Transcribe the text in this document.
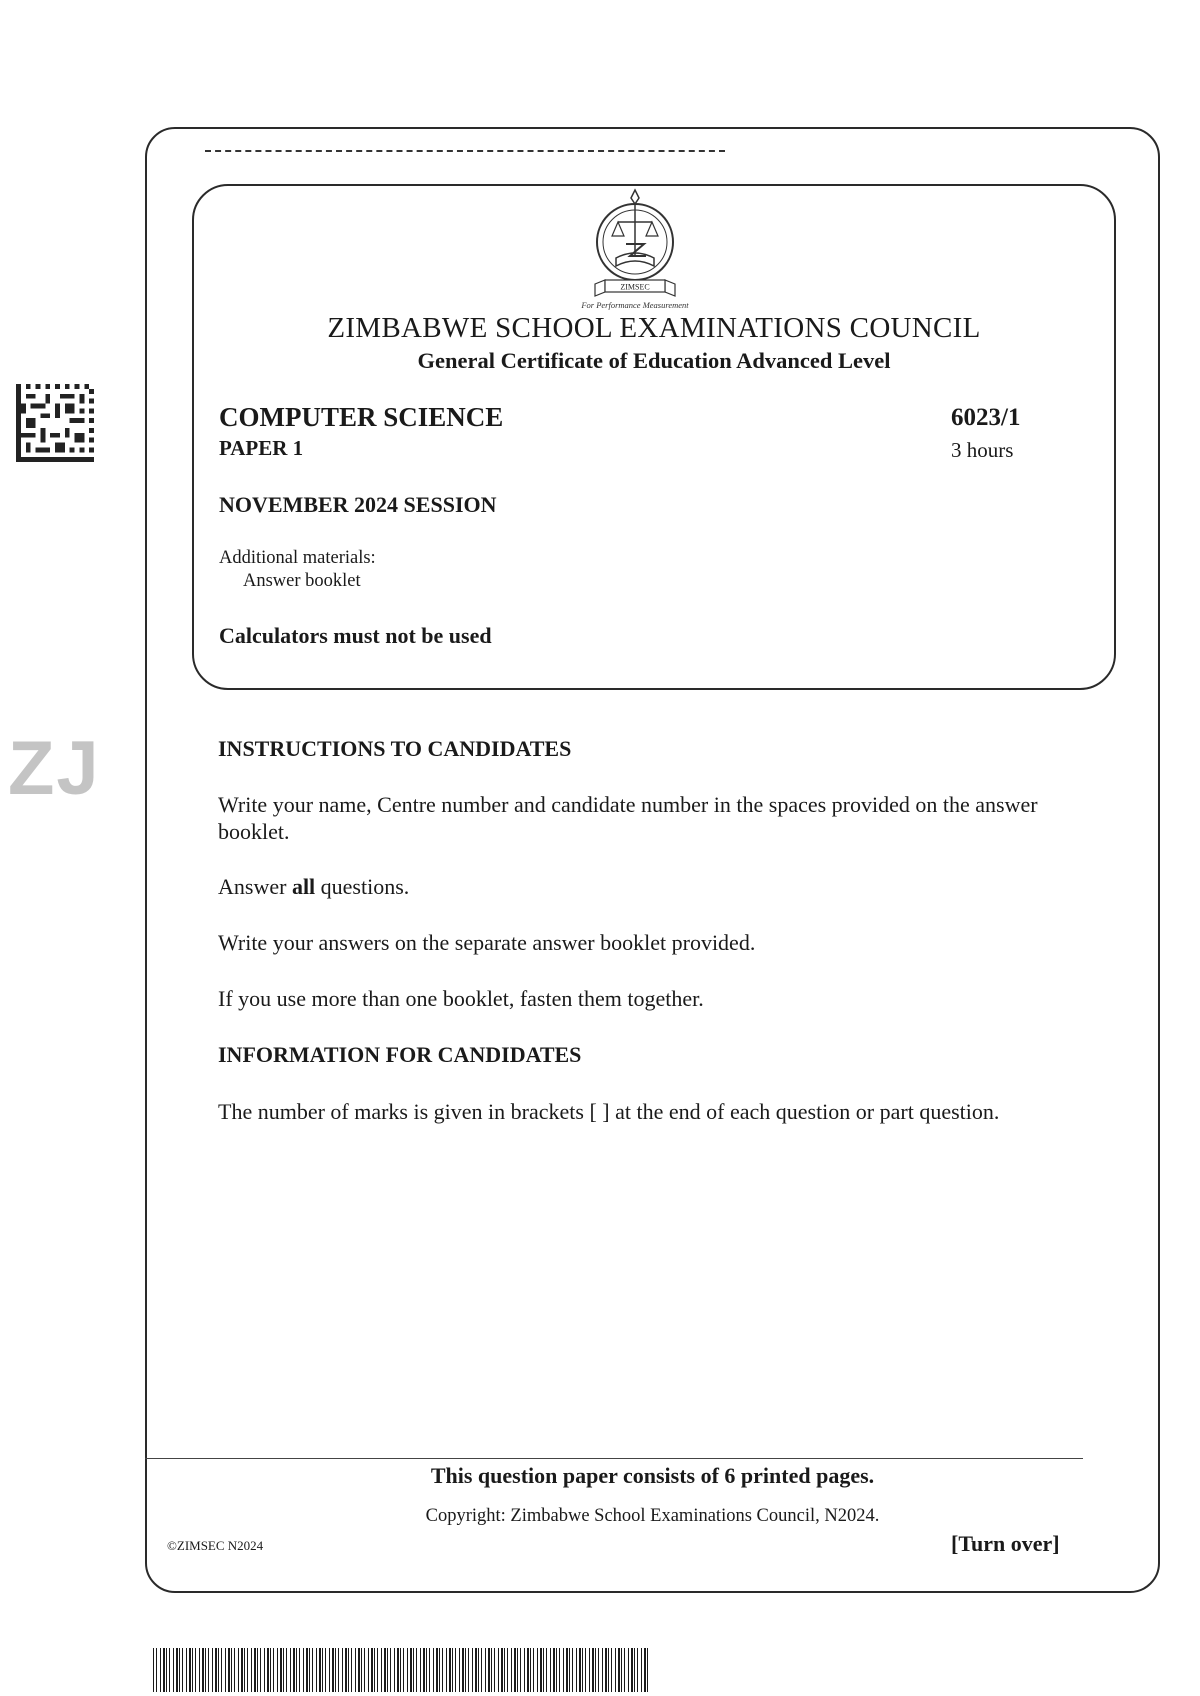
ZIMSEC
For Performance Measurement
ZIMBABWE SCHOOL EXAMINATIONS COUNCIL
General Certificate of Education Advanced Level
COMPUTER SCIENCE
PAPER 1
6023/1
3 hours
NOVEMBER 2024 SESSION
Additional materials:
Answer booklet
Calculators must not be used
INSTRUCTIONS TO CANDIDATES
Write your name, Centre number and candidate number in the spaces provided on the answer booklet.
Answer all questions.
Write your answers on the separate answer booklet provided.
If you use more than one booklet, fasten them together.
INFORMATION FOR CANDIDATES
The number of marks is given in brackets [ ] at the end of each question or part question.
This question paper consists of 6 printed pages.
Copyright: Zimbabwe School Examinations Council, N2024.
©ZIMSEC N2024	[Turn over]
ZJ
